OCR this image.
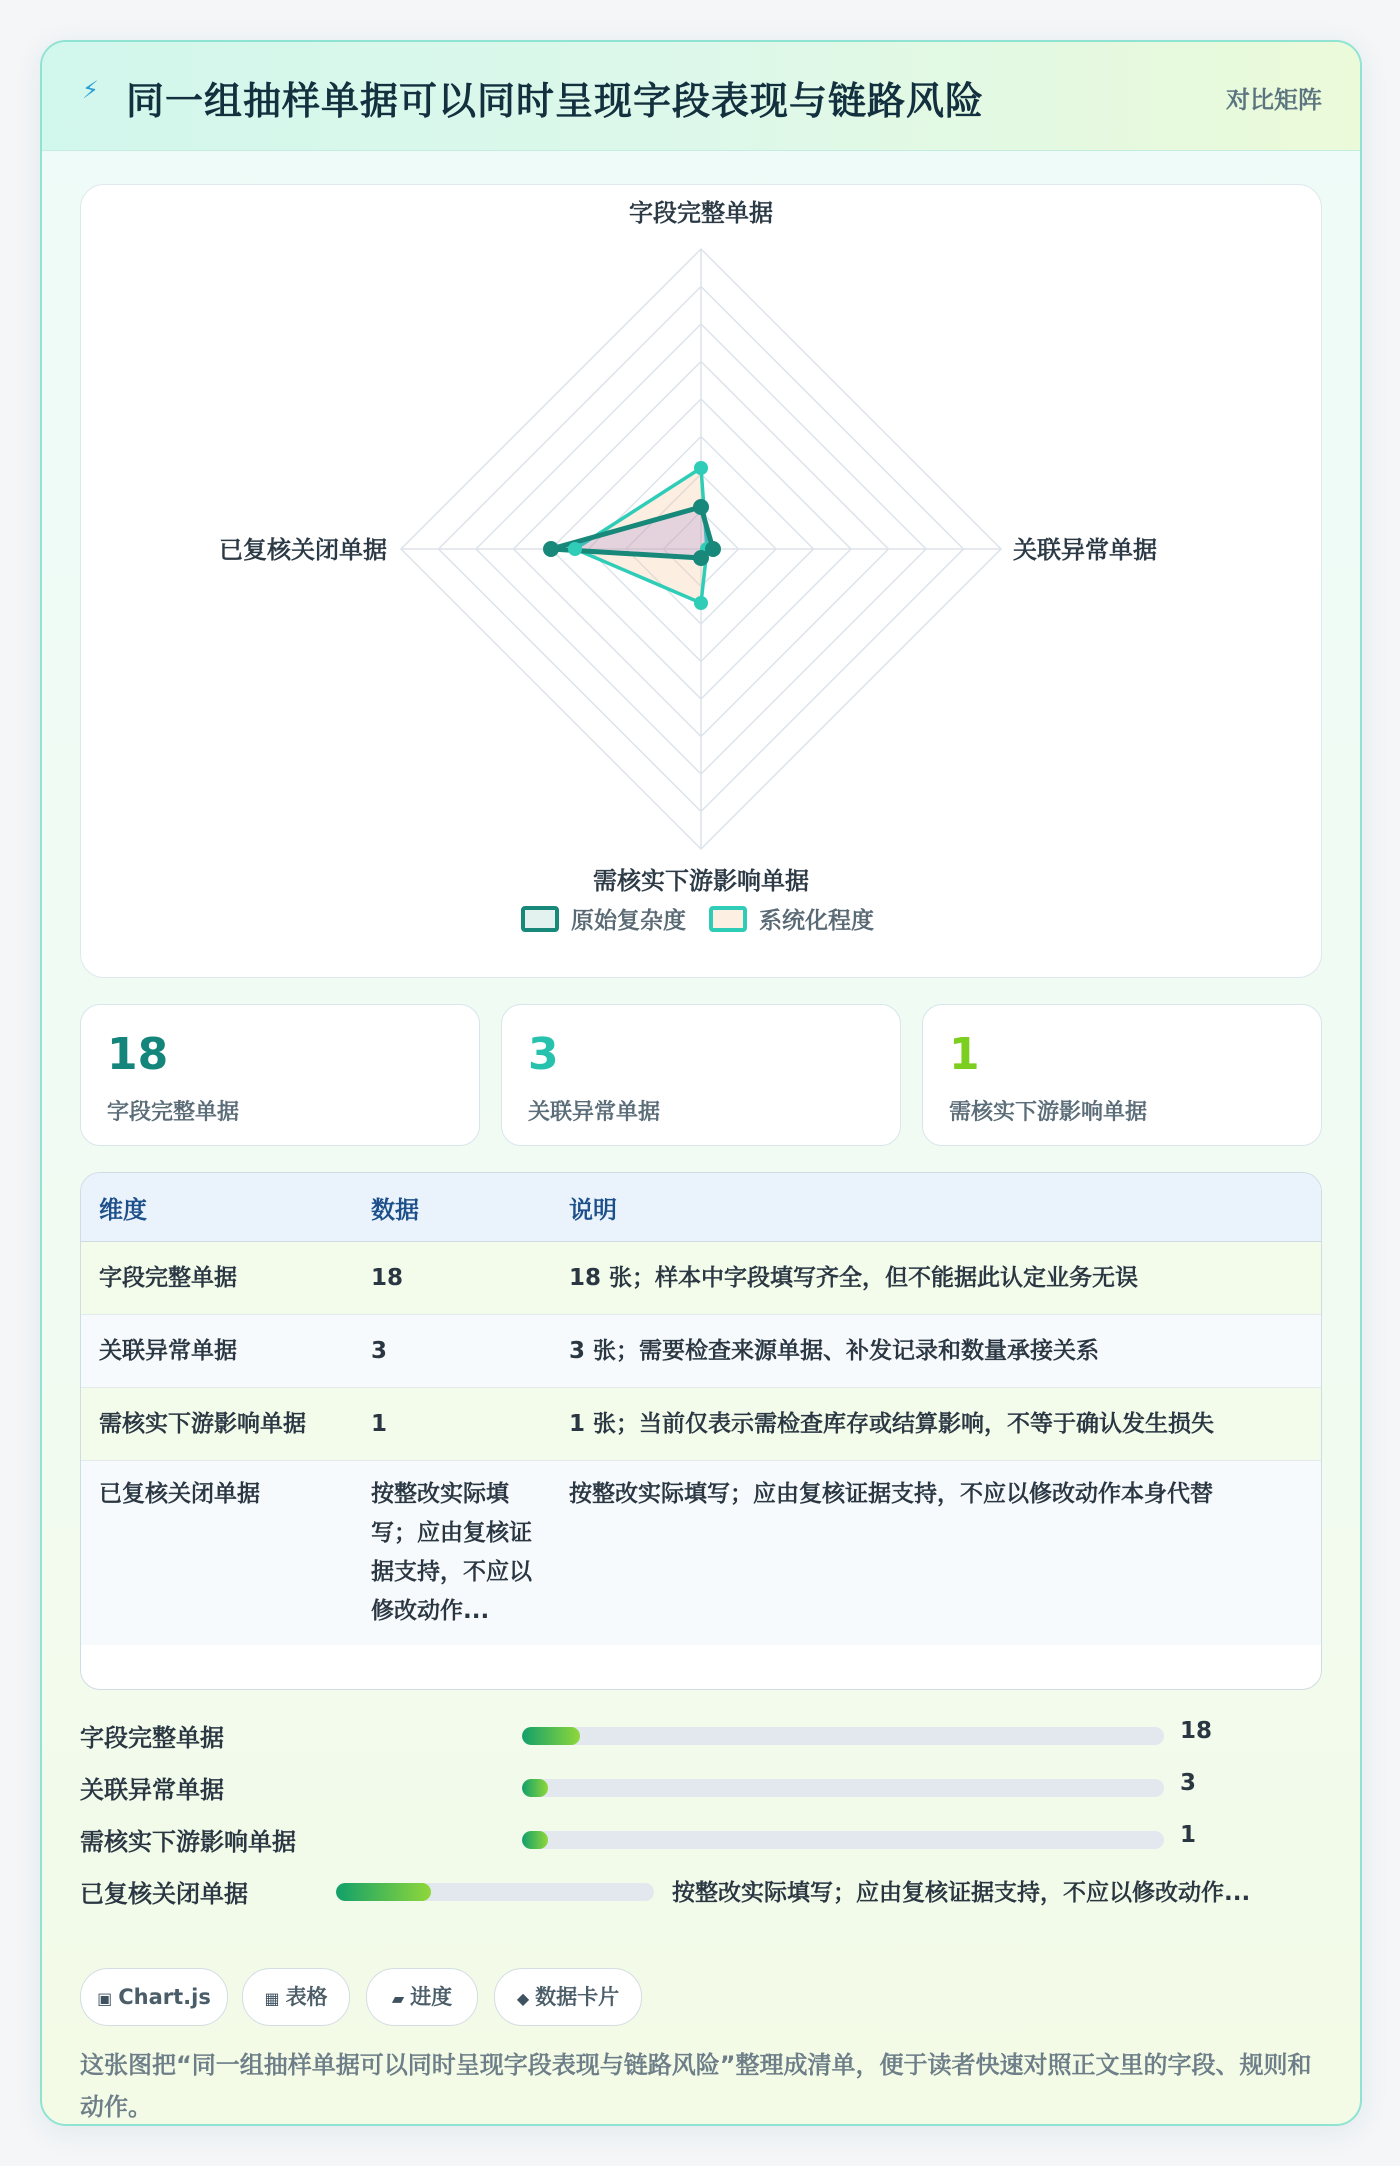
⚡ 同一组抽样单据可以同时呈现字段表现与链路风险	对比矩阵
字段完整单据
关联异常单据
需核实下游影响单据
已复核关闭单据
原始复杂度	系统化程度
18
字段完整单据
3
关联异常单据
1
需核实下游影响单据
维度	数据	说明
字段完整单据	18	18 张；样本中字段填写齐全，但不能据此认定业务无误
关联异常单据	3	3 张；需要检查来源单据、补发记录和数量承接关系
需核实下游影响单据	1	1 张；当前仅表示需检查库存或结算影响，不等于确认发生损失
已复核关闭单据	按整改实际填写；应由复核证据支持，不应以修改动作...	按整改实际填写；应由复核证据支持，不应以修改动作本身代替
字段完整单据	18
关联异常单据	3
需核实下游影响单据	1
已复核关闭单据	按整改实际填写；应由复核证据支持，不应以修改动作...
▣ Chart.js	▦ 表格	▰ 进度	◆ 数据卡片
这张图把“同一组抽样单据可以同时呈现字段表现与链路风险”整理成清单，便于读者快速对照正文里的字段、规则和动作。
